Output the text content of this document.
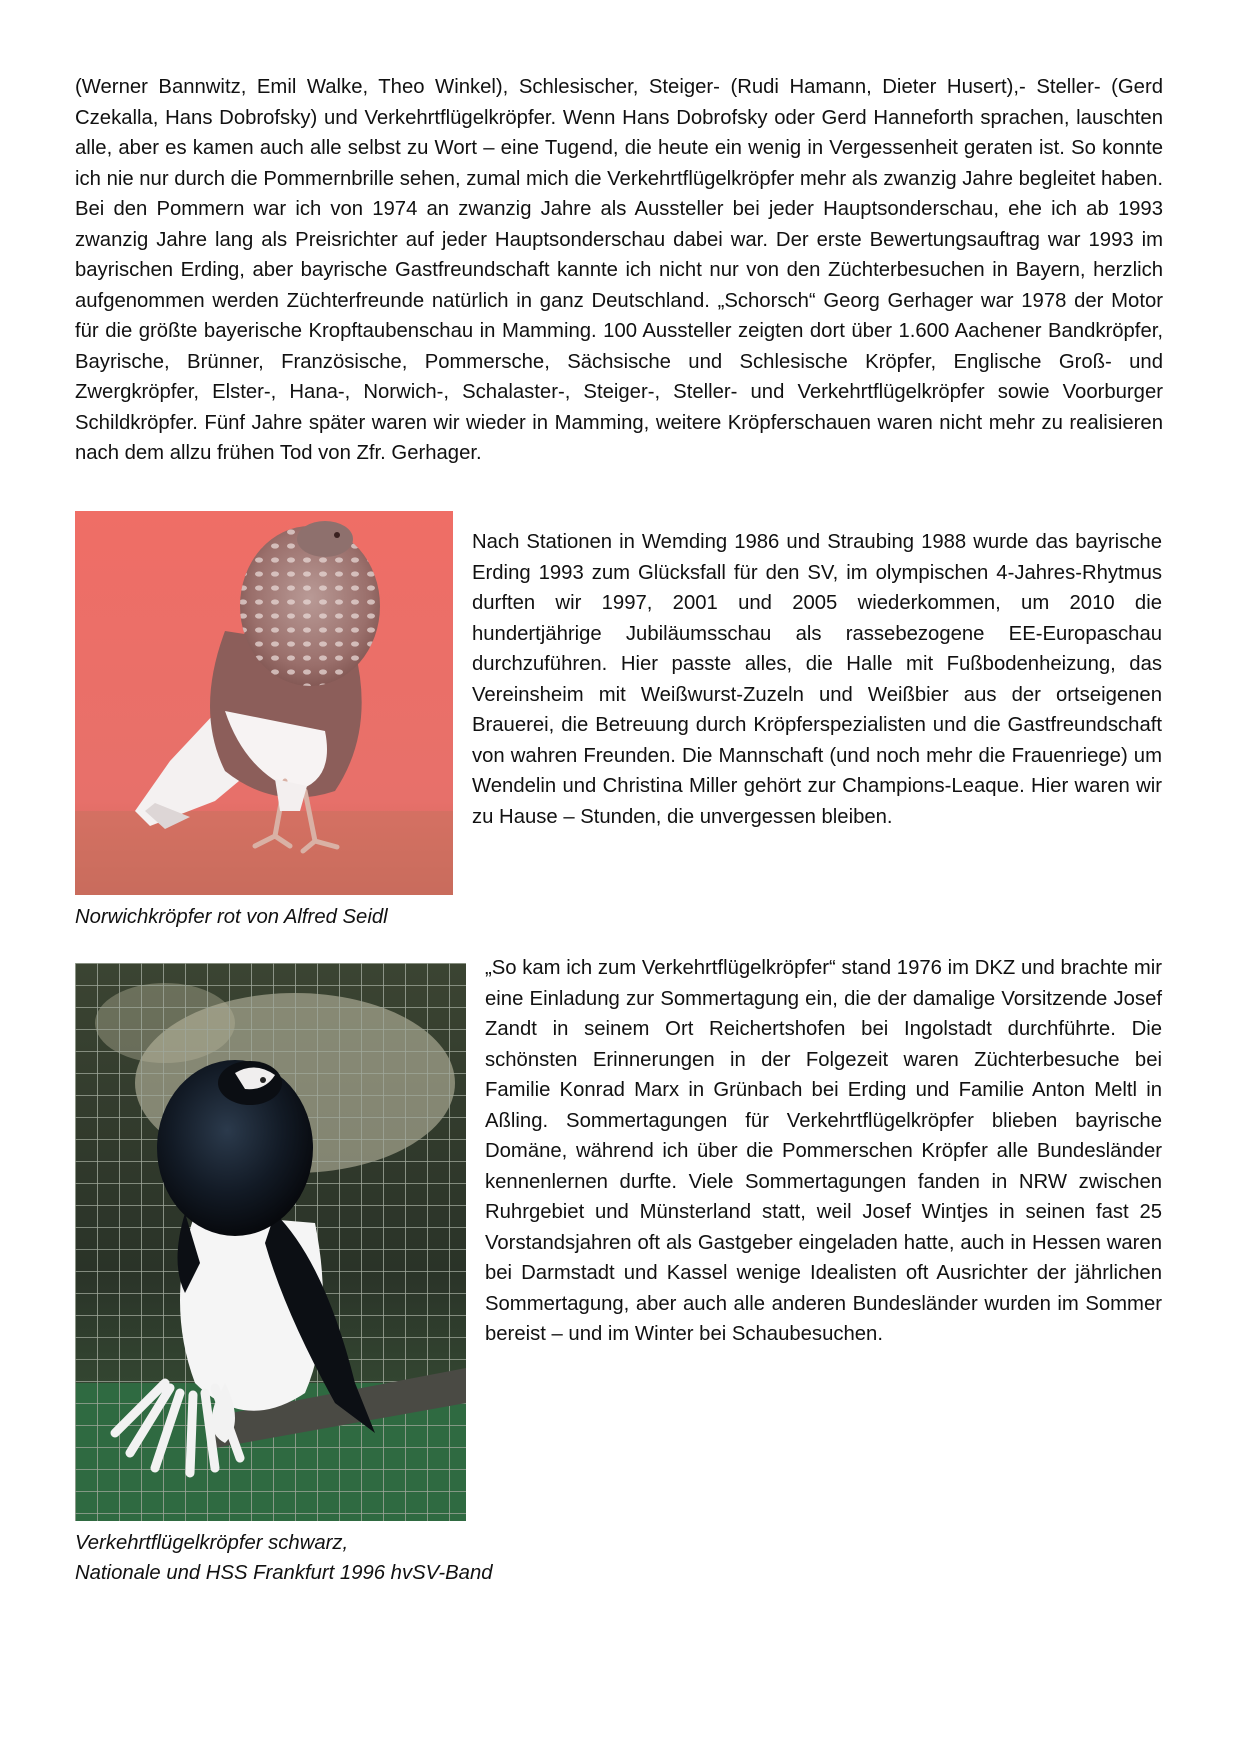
(Werner Bannwitz, Emil Walke, Theo Winkel), Schlesischer, Steiger- (Rudi Hamann, Dieter Husert),- Steller- (Gerd Czekalla, Hans Dobrofsky) und Verkehrtflügelkröpfer. Wenn Hans Dobrofsky oder Gerd Hanneforth sprachen, lauschten alle, aber es kamen auch alle selbst zu Wort – eine Tugend, die heute ein wenig in Vergessenheit geraten ist. So konnte ich nie nur durch die Pommernbrille sehen, zumal mich die Verkehrtflügelkröpfer mehr als zwanzig Jahre begleitet haben. Bei den Pommern war ich von 1974 an zwanzig Jahre als Aussteller bei jeder Hauptsonderschau, ehe ich ab 1993 zwanzig Jahre lang als Preisrichter auf jeder Hauptsonderschau dabei war. Der erste Bewertungsauftrag war 1993 im bayrischen Erding, aber bayrische Gastfreundschaft kannte ich nicht nur von den Züchterbesuchen in Bayern, herzlich aufgenommen werden Züchterfreunde natürlich in ganz Deutschland. „Schorsch“ Georg Gerhager war 1978 der Motor für die größte bayerische Kropftaubenschau in Mamming. 100 Aussteller zeigten dort über 1.600 Aachener Bandkröpfer, Bayrische, Brünner, Französische, Pommersche, Sächsische und Schlesische Kröpfer, Englische Groß- und Zwergkröpfer, Elster-, Hana-, Norwich-, Schalaster-, Steiger-, Steller- und Verkehrtflügelkröpfer sowie Voorburger Schildkröpfer. Fünf Jahre später waren wir wieder in Mamming, weitere Kröpferschauen waren nicht mehr zu realisieren nach dem allzu frühen Tod von Zfr. Gerhager.

Nach Stationen in Wemding 1986 und Straubing 1988 wurde das bayrische Erding 1993 zum Glücksfall für den SV, im olympischen 4-Jahres-Rhytmus durften wir 1997, 2001 und 2005 wiederkommen, um 2010 die hundertjährige Jubiläumsschau als rassebezogene EE-Europaschau durchzuführen. Hier passte alles, die Halle mit Fußbodenheizung, das Vereinsheim mit Weißwurst-Zuzeln und Weißbier aus der ortseigenen Brauerei, die Betreuung durch Kröpferspezialisten und die Gastfreundschaft von wahren Freunden. Die Mannschaft (und noch mehr die Frauenriege) um Wendelin und Christina Miller gehört zur Champions-Leaque. Hier waren wir zu Hause – Stunden, die unvergessen bleiben.

Norwichkröpfer rot von Alfred Seidl

„So kam ich zum Verkehrtflügelkröpfer“ stand 1976 im DKZ und brachte mir eine Einladung zur Sommertagung ein, die der damalige Vorsitzende Josef Zandt in seinem Ort Reichertshofen bei Ingolstadt durchführte. Die schönsten Erinnerungen in der Folgezeit waren Züchterbesuche bei Familie Konrad Marx in Grünbach bei Erding und Familie Anton Meltl in Aßling. Sommertagungen für Verkehrtflügelkröpfer blieben bayrische Domäne, während ich über die Pommerschen Kröpfer alle Bundesländer kennenlernen durfte. Viele Sommertagungen fanden in NRW zwischen Ruhrgebiet und Münsterland statt, weil Josef Wintjes in seinen fast 25 Vorstandsjahren oft als Gastgeber eingeladen hatte, auch in Hessen waren bei Darmstadt und Kassel wenige Idealisten oft Ausrichter der jährlichen Sommertagung, aber auch alle anderen Bundesländer wurden im Sommer bereist – und im Winter bei Schaubesuchen.

Verkehrtflügelkröpfer schwarz,
Nationale und HSS Frankfurt 1996 hvSV-Band
